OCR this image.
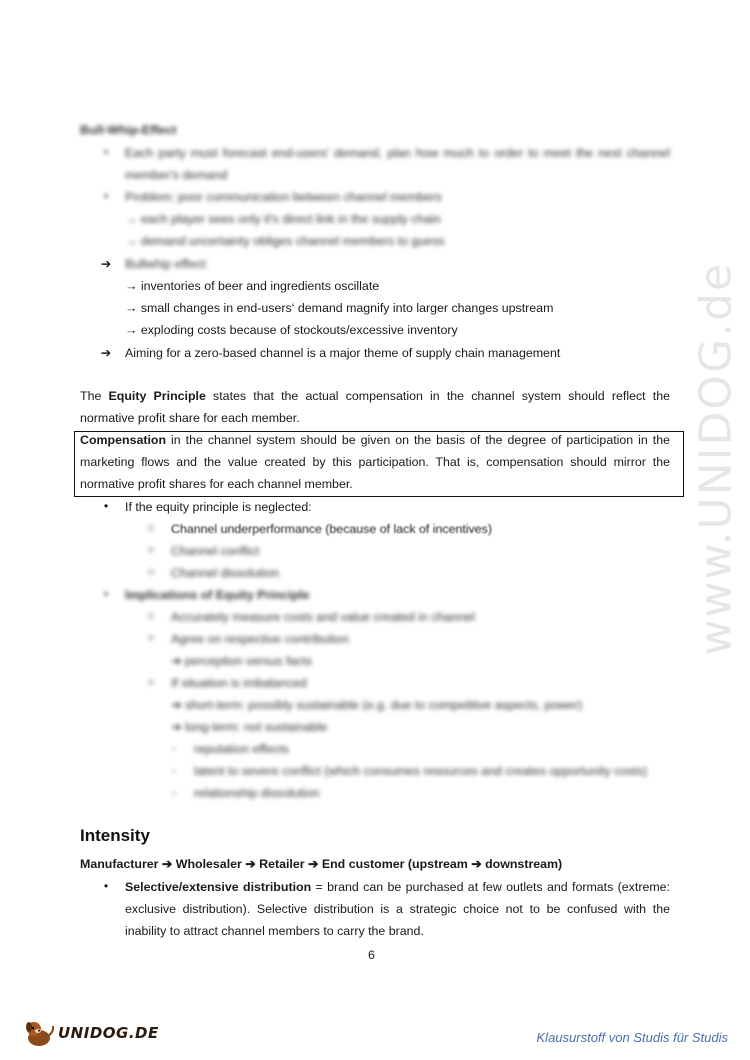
www.UNIDOG.de
Bull-Whip-Effect
•	Each party must forecast end-users' demand, plan how much to order to meet the next channel
member's demand
•	Problem: poor communication between channel members
→ each player sees only it's direct link in the supply chain
→ demand uncertainty obliges channel members to guess
➔ Bullwhip effect:
→ inventories of beer and ingredients oscillate
→ small changes in end-users‘ demand magnify into larger changes upstream
→ exploding costs because of stockouts/excessive inventory
➔ Aiming for a zero-based channel is a major theme of supply chain management
The Equity Principle states that the actual compensation in the channel system should reflect the
normative profit share for each member.
Compensation in the channel system should be given on the basis of the degree of participation in the
marketing flows and the value created by this participation. That is, compensation should mirror the
normative profit shares for each channel member.
•	If the equity principle is neglected:
○ Channel underperformance (because of lack of incentives)
○ Channel conflict
○ Channel dissolution
•	Implications of Equity Principle
○ Accurately measure costs and value created in channel
○ Agree on respective contribution
➔ perception versus facts
○ If situation is imbalanced
➔ short-term: possibly sustainable (e.g. due to competitive aspects, power)
➔ long-term: not sustainable
-	reputation effects
-	latent to severe conflict (which consumes resources and creates opportunity costs)
-	relationship dissolution
Intensity
Manufacturer ➔ Wholesaler ➔ Retailer ➔ End customer (upstream ➔ downstream)
•	Selective/extensive distribution = brand can be purchased at few outlets and formats (extreme:
exclusive distribution). Selective distribution is a strategic choice not to be confused with the
inability to attract channel members to carry the brand.
6
UNIDOG.DE	Klausurstoff von Studis für Studis
